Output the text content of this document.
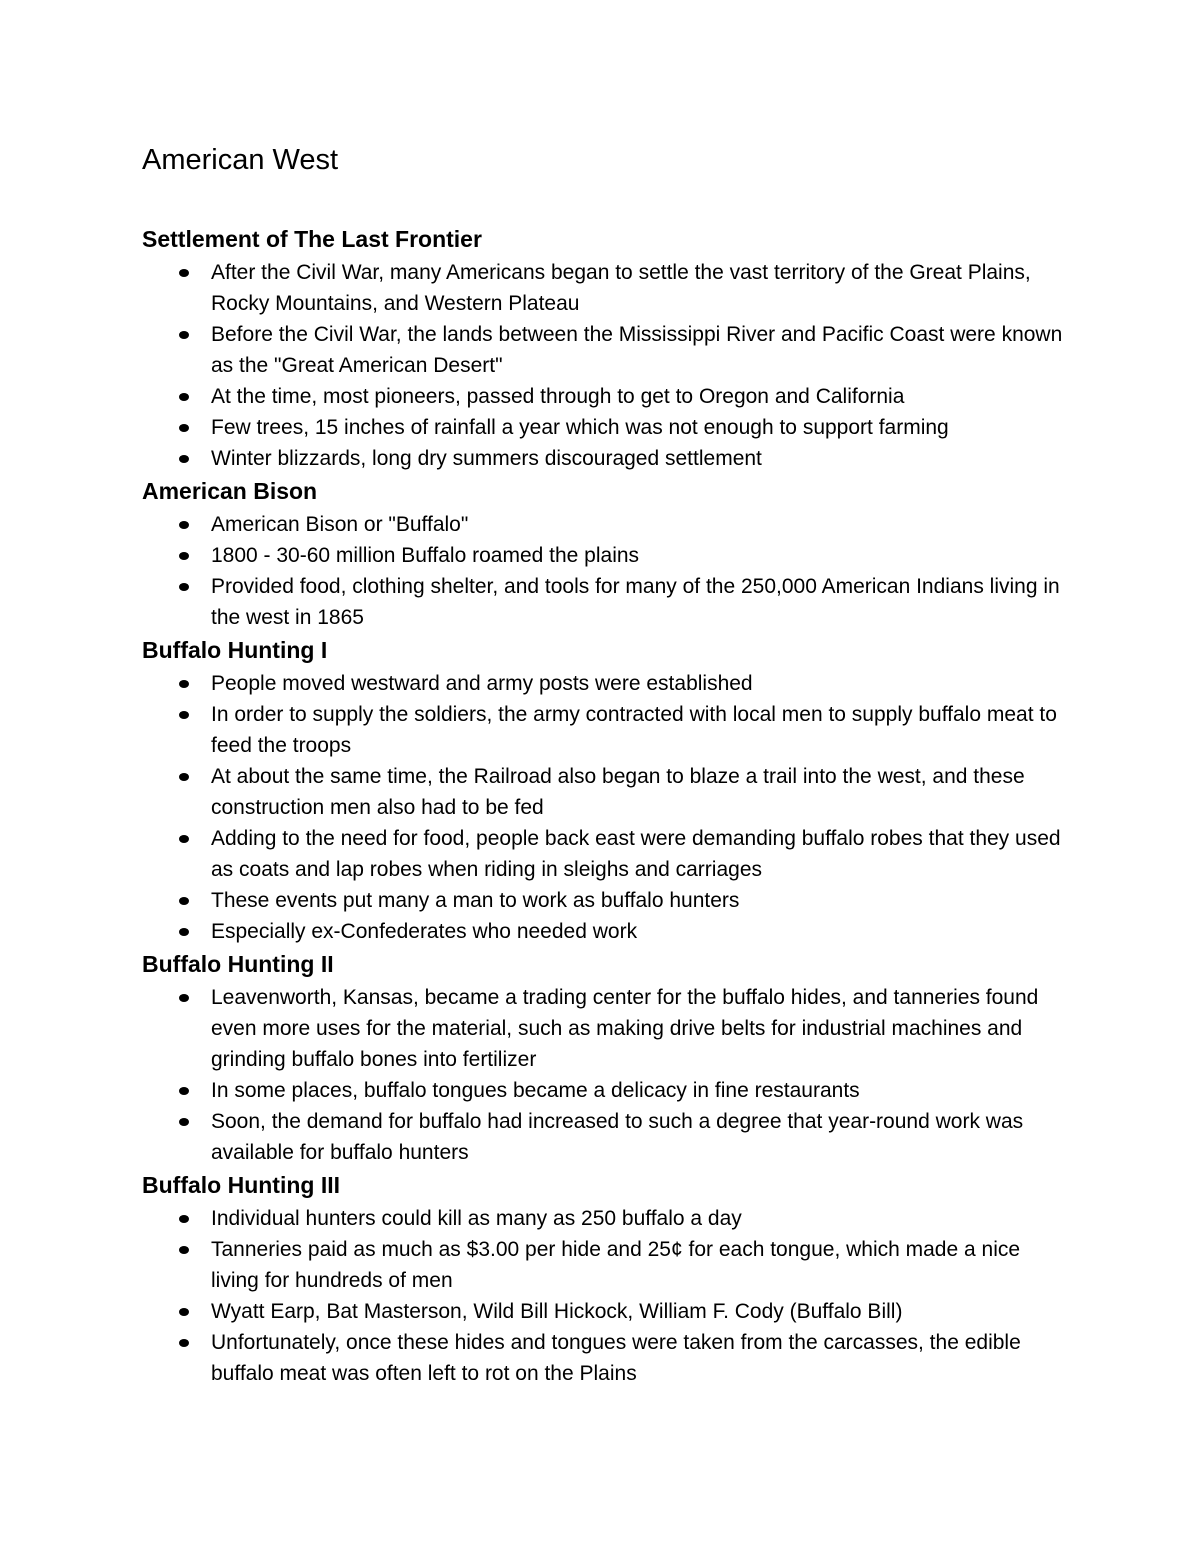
American West
Settlement of The Last Frontier
After the Civil War, many Americans began to settle the vast territory of the Great Plains, Rocky Mountains, and Western Plateau
Before the Civil War, the lands between the Mississippi River and Pacific Coast were known as the "Great American Desert"
At the time, most pioneers, passed through to get to Oregon and California
Few trees, 15 inches of rainfall a year which was not enough to support farming
Winter blizzards, long dry summers discouraged settlement
American Bison
American Bison or "Buffalo"
1800 - 30-60 million Buffalo roamed the plains
Provided food, clothing shelter, and tools for many of the 250,000 American Indians living in the west in 1865
Buffalo Hunting I
People moved westward and army posts were established
In order to supply the soldiers, the army contracted with local men to supply buffalo meat to feed the troops
At about the same time, the Railroad also began to blaze a trail into the west, and these construction men also had to be fed
Adding to the need for food, people back east were demanding buffalo robes that they used as coats and lap robes when riding in sleighs and carriages
These events put many a man to work as buffalo hunters
Especially ex-Confederates who needed work
Buffalo Hunting II
Leavenworth, Kansas, became a trading center for the buffalo hides, and tanneries found even more uses for the material, such as making drive belts for industrial machines and grinding buffalo bones into fertilizer
In some places, buffalo tongues became a delicacy in fine restaurants
Soon, the demand for buffalo had increased to such a degree that year-round work was available for buffalo hunters
Buffalo Hunting III
Individual hunters could kill as many as 250 buffalo a day
Tanneries paid as much as $3.00 per hide and 25¢ for each tongue, which made a nice living for hundreds of men
Wyatt Earp, Bat Masterson, Wild Bill Hickock, William F. Cody (Buffalo Bill)
Unfortunately, once these hides and tongues were taken from the carcasses, the edible buffalo meat was often left to rot on the Plains
